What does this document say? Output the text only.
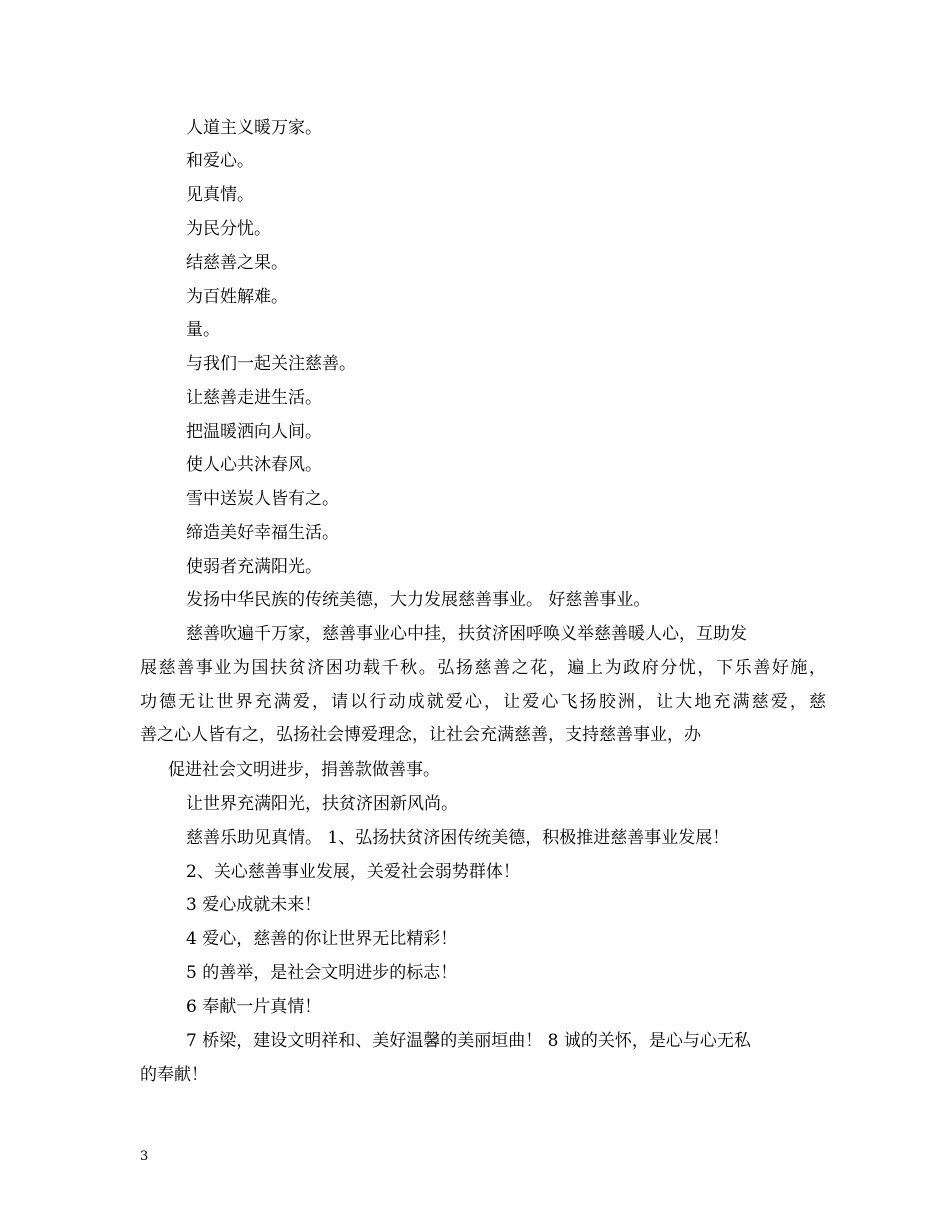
人道主义暖万家。
和爱心。
见真情。
为民分忧。
结慈善之果。
为百姓解难。
量。
与我们一起关注慈善。
让慈善走进生活。
把温暖洒向人间。
使人心共沐春风。
雪中送炭人皆有之。
缔造美好幸福生活。
使弱者充满阳光。
发扬中华民族的传统美德，大力发展慈善事业。 好慈善事业。
慈善吹遍千万家，慈善事业心中挂，扶贫济困呼唤义举慈善暖人心，互助发
展慈善事业为国扶贫济困功载千秋。弘扬慈善之花，遍上为政府分忧，下乐善好施，
功德无让世界充满爱，请以行动成就爱心，让爱心飞扬胶洲，让大地充满慈爱，慈
善之心人皆有之，弘扬社会博爱理念，让社会充满慈善，支持慈善事业，办
促进社会文明进步，捐善款做善事。
让世界充满阳光，扶贫济困新风尚。
慈善乐助见真情。 1、弘扬扶贫济困传统美德，积极推进慈善事业发展！
2、关心慈善事业发展，关爱社会弱势群体！
3 爱心成就未来！
4 爱心，慈善的你让世界无比精彩！
5 的善举，是社会文明进步的标志！
6 奉献一片真情！
7 桥梁，建设文明祥和、美好温馨的美丽垣曲！ 8 诚的关怀，是心与心无私
的奉献！
3
